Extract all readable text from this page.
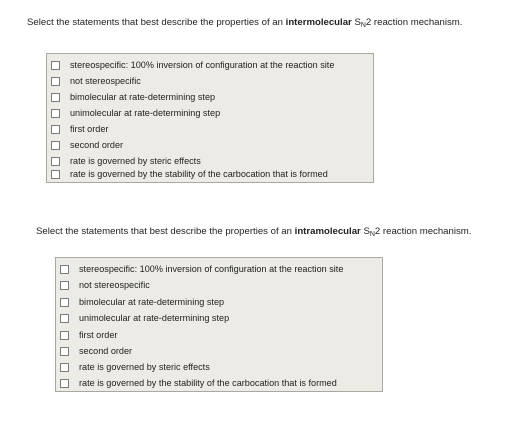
Select the statements that best describe the properties of an intermolecular $S_N2$ reaction mechanism.
stereospecific: 100% inversion of configuration at the reaction site
not stereospecific
bimolecular at rate-determining step
unimolecular at rate-determining step
first order
second order
rate is governed by steric effects
rate is governed by the stability of the carbocation that is formed
Select the statements that best describe the properties of an intramolecular $S_N2$ reaction mechanism.
stereospecific: 100% inversion of configuration at the reaction site
not stereospecific
bimolecular at rate-determining step
unimolecular at rate-determining step
first order
second order
rate is governed by steric effects
rate is governed by the stability of the carbocation that is formed
